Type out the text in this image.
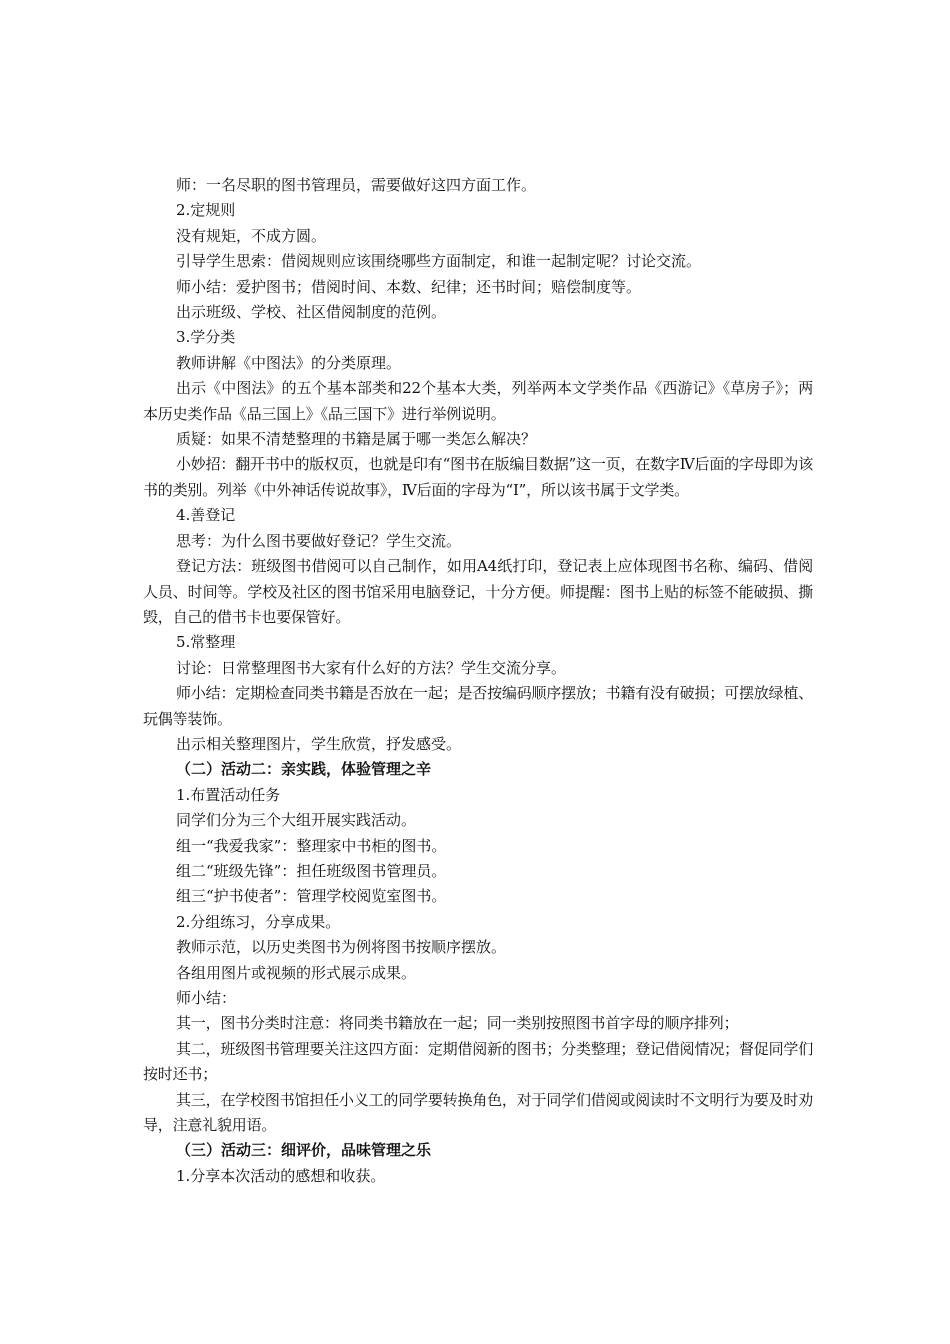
师：一名尽职的图书管理员，需要做好这四方面工作。

2.定规则

没有规矩，不成方圆。

引导学生思索：借阅规则应该围绕哪些方面制定，和谁一起制定呢？讨论交流。

师小结：爱护图书；借阅时间、本数、纪律；还书时间；赔偿制度等。

出示班级、学校、社区借阅制度的范例。

3.学分类

教师讲解《中图法》的分类原理。

出示《中图法》的五个基本部类和22个基本大类，列举两本文学类作品《西游记》《草房子》；两本历史类作品《品三国上》《品三国下》进行举例说明。

质疑：如果不清楚整理的书籍是属于哪一类怎么解决？

小妙招：翻开书中的版权页，也就是印有“图书在版编目数据”这一页，在数字Ⅳ后面的字母即为该书的类别。列举《中外神话传说故事》，Ⅳ后面的字母为“I”，所以该书属于文学类。

4.善登记

思考：为什么图书要做好登记？学生交流。

登记方法：班级图书借阅可以自己制作，如用A4纸打印，登记表上应体现图书名称、编码、借阅人员、时间等。学校及社区的图书馆采用电脑登记，十分方便。师提醒：图书上贴的标签不能破损、撕毁，自己的借书卡也要保管好。

5.常整理

讨论：日常整理图书大家有什么好的方法？学生交流分享。

师小结：定期检查同类书籍是否放在一起；是否按编码顺序摆放；书籍有没有破损；可摆放绿植、玩偶等装饰。

出示相关整理图片，学生欣赏，抒发感受。

（二）活动二：亲实践，体验管理之辛

1.布置活动任务

同学们分为三个大组开展实践活动。

组一“我爱我家”：整理家中书柜的图书。

组二“班级先锋”：担任班级图书管理员。

组三“护书使者”：管理学校阅览室图书。

2.分组练习，分享成果。

教师示范，以历史类图书为例将图书按顺序摆放。

各组用图片或视频的形式展示成果。

师小结：

其一，图书分类时注意：将同类书籍放在一起；同一类别按照图书首字母的顺序排列；

其二，班级图书管理要关注这四方面：定期借阅新的图书；分类整理；登记借阅情况；督促同学们按时还书；

其三，在学校图书馆担任小义工的同学要转换角色，对于同学们借阅或阅读时不文明行为要及时劝导，注意礼貌用语。

（三）活动三：细评价，品味管理之乐

1.分享本次活动的感想和收获。
